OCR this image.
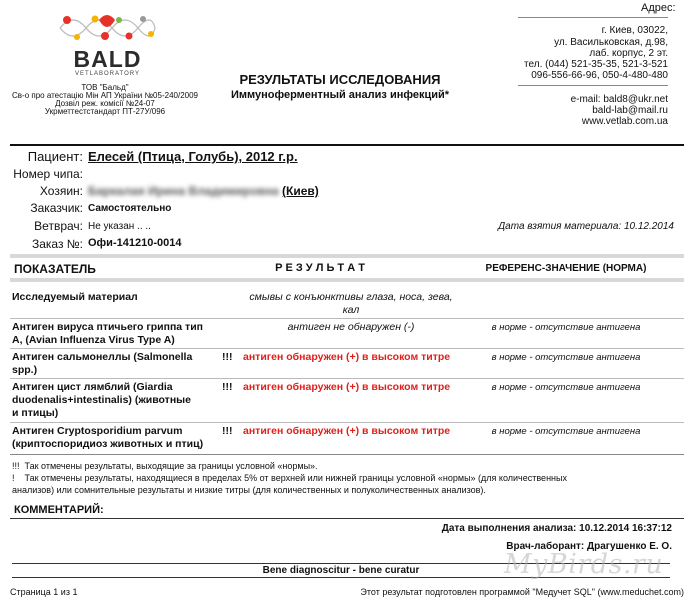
BALD
VETLABORATORY
ТОВ "Бальд"
Св-о про атестацію Мін АП України №05-240/2009
Дозвіл реж. комісії №24-07
Укрметтестстандарт ПТ-27У/096
РЕЗУЛЬТАТЫ ИССЛЕДОВАНИЯ
Иммуноферментный анализ инфекций*
Адрес:
г. Киев, 03022,
ул. Васильковская, д.98,
лаб. корпус, 2 эт.
тел. (044) 521-35-35, 521-3-521
096-556-66-96, 050-4-480-480
e-mail: bald8@ukr.net
bald-lab@mail.ru
www.vetlab.com.ua
Пациент: Елесей (Птица, Голубь), 2012 г.р.
Номер чипа:
Хозяин: Баркалая Ирина Владимировна (Киев)
Заказчик: Самостоятельно
Ветврач: Не указан .. ..	Дата взятия материала: 10.12.2014
Заказ №: Офи-141210-0014
ПОКАЗАТЕЛЬ	Р Е З У Л Ь Т А Т	РЕФЕРЕНС-ЗНАЧЕНИЕ (НОРМА)
Исследуемый материал	смывы с конъюнктивы глаза, носа, зева,
кал
Антиген вируса птичьего гриппа тип
А, (Avian Influenza Virus Type A)
антиген не обнаружен (-)	в норме - отсутствие антигена
Антиген сальмонеллы (Salmonella
spp.)
!!! антиген обнаружен (+) в высоком титре	в норме - отсутствие антигена
Антиген цист лямблий (Giardia
duodenalis+intestinalis) (животные
и птицы)
!!! антиген обнаружен (+) в высоком титре	в норме - отсутствие антигена
Антиген Cryptosporidium parvum
(криптоспоридиоз животных и птиц)
!!! антиген обнаружен (+) в высоком титре	в норме - отсутствие антигена
!!!  Так отмечены результаты, выходящие за границы условной «нормы».
!    Так отмечены результаты, находящиеся в пределах 5% от верхней или нижней границы условной «нормы» (для количественных
анализов) или сомнительные результаты и низкие титры (для количественных и полуколичественных анализов).
КОММЕНТАРИЙ:
Дата выполнения анализа: 10.12.2014 16:37:12
Врач-лаборант: Драгушенко Е. О.
Bene diagnoscitur - bene curatur	MyBirds.ru
Страница 1 из 1	Этот результат подготовлен программой "Медучет SQL" (www.meduchet.com)
